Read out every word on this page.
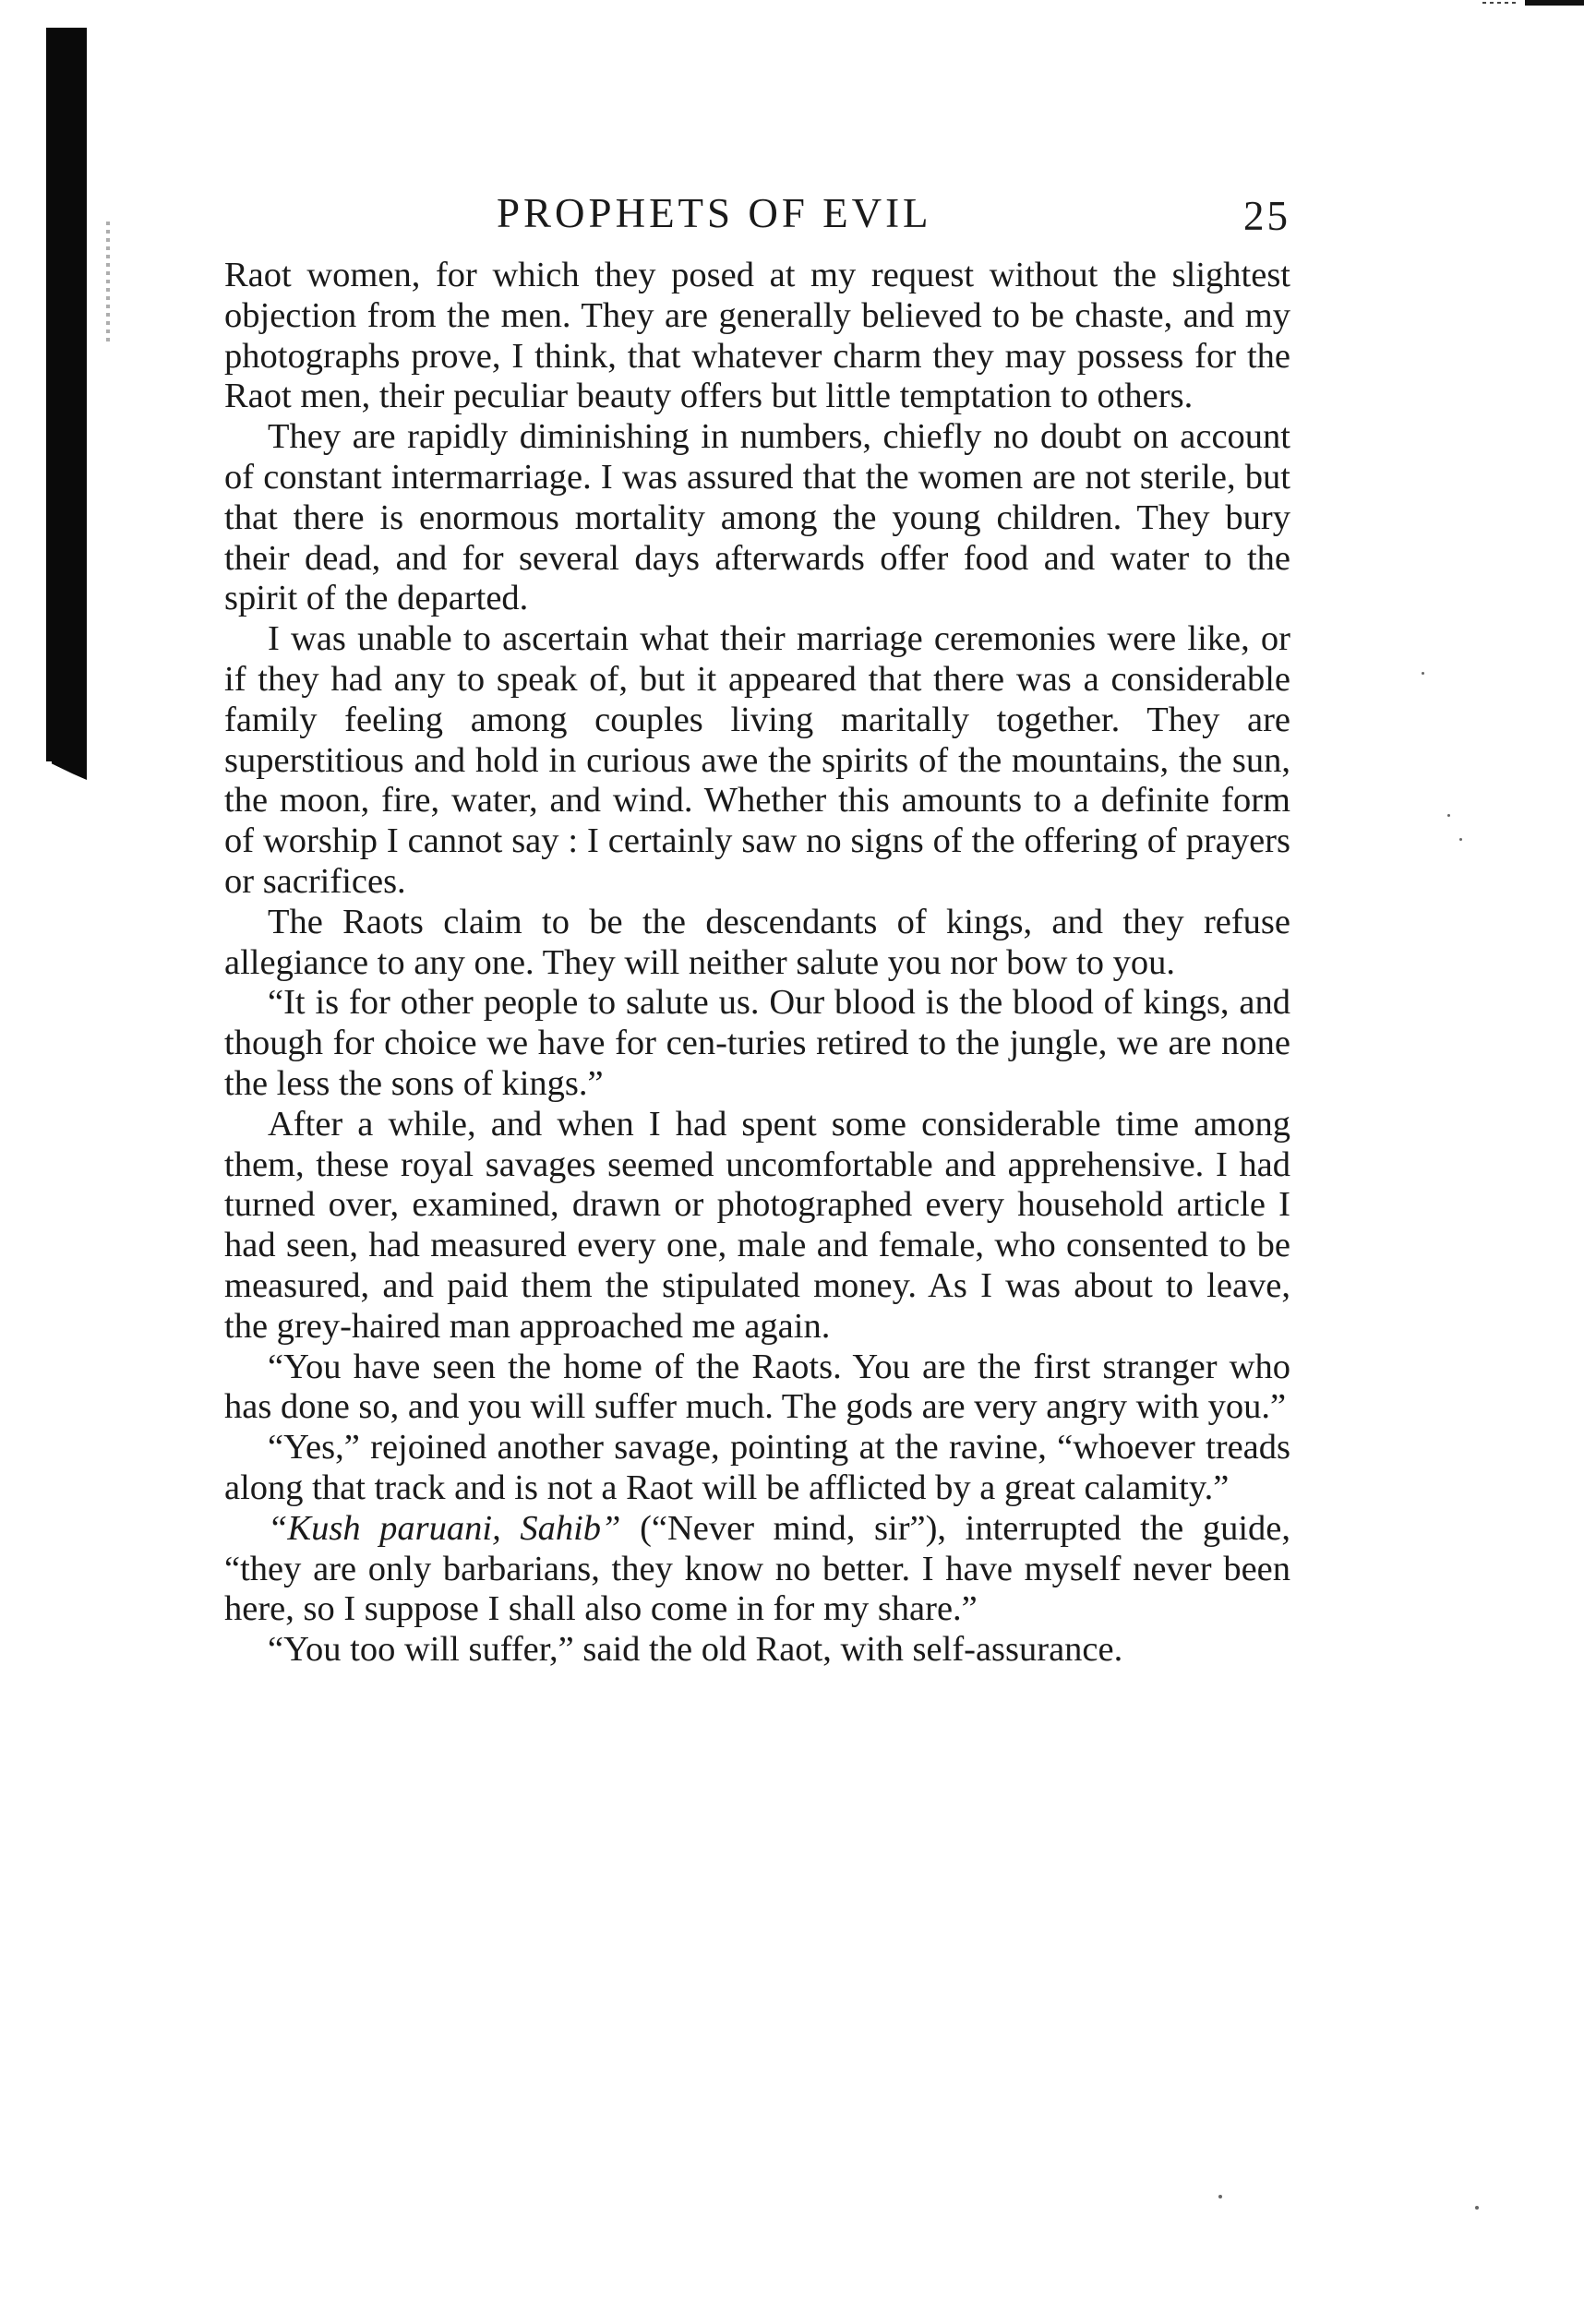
PROPHETS OF EVIL	25

Raot women, for which they posed at my request without the slightest objection from the men. They are generally believed to be chaste, and my photographs prove, I think, that whatever charm they may possess for the Raot men, their peculiar beauty offers but little temptation to others.

They are rapidly diminishing in numbers, chiefly no doubt on account of constant intermarriage. I was assured that the women are not sterile, but that there is enormous mortality among the young children. They bury their dead, and for several days afterwards offer food and water to the spirit of the departed.

I was unable to ascertain what their marriage ceremonies were like, or if they had any to speak of, but it appeared that there was a considerable family feeling among couples living maritally together. They are superstitious and hold in curious awe the spirits of the mountains, the sun, the moon, fire, water, and wind. Whether this amounts to a definite form of worship I cannot say : I certainly saw no signs of the offering of prayers or sacrifices.

The Raots claim to be the descendants of kings, and they refuse allegiance to any one. They will neither salute you nor bow to you.

“It is for other people to salute us. Our blood is the blood of kings, and though for choice we have for cen-turies retired to the jungle, we are none the less the sons of kings.”

After a while, and when I had spent some considerable time among them, these royal savages seemed uncomfortable and apprehensive. I had turned over, examined, drawn or photographed every household article I had seen, had measured every one, male and female, who consented to be measured, and paid them the stipulated money. As I was about to leave, the grey-haired man approached me again.

“You have seen the home of the Raots. You are the first stranger who has done so, and you will suffer much. The gods are very angry with you.”

“Yes,” rejoined another savage, pointing at the ravine, “whoever treads along that track and is not a Raot will be afflicted by a great calamity.”

“Kush paruani, Sahib” (“Never mind, sir”), interrupted the guide, “they are only barbarians, they know no better. I have myself never been here, so I suppose I shall also come in for my share.”

“You too will suffer,” said the old Raot, with self-assurance.
